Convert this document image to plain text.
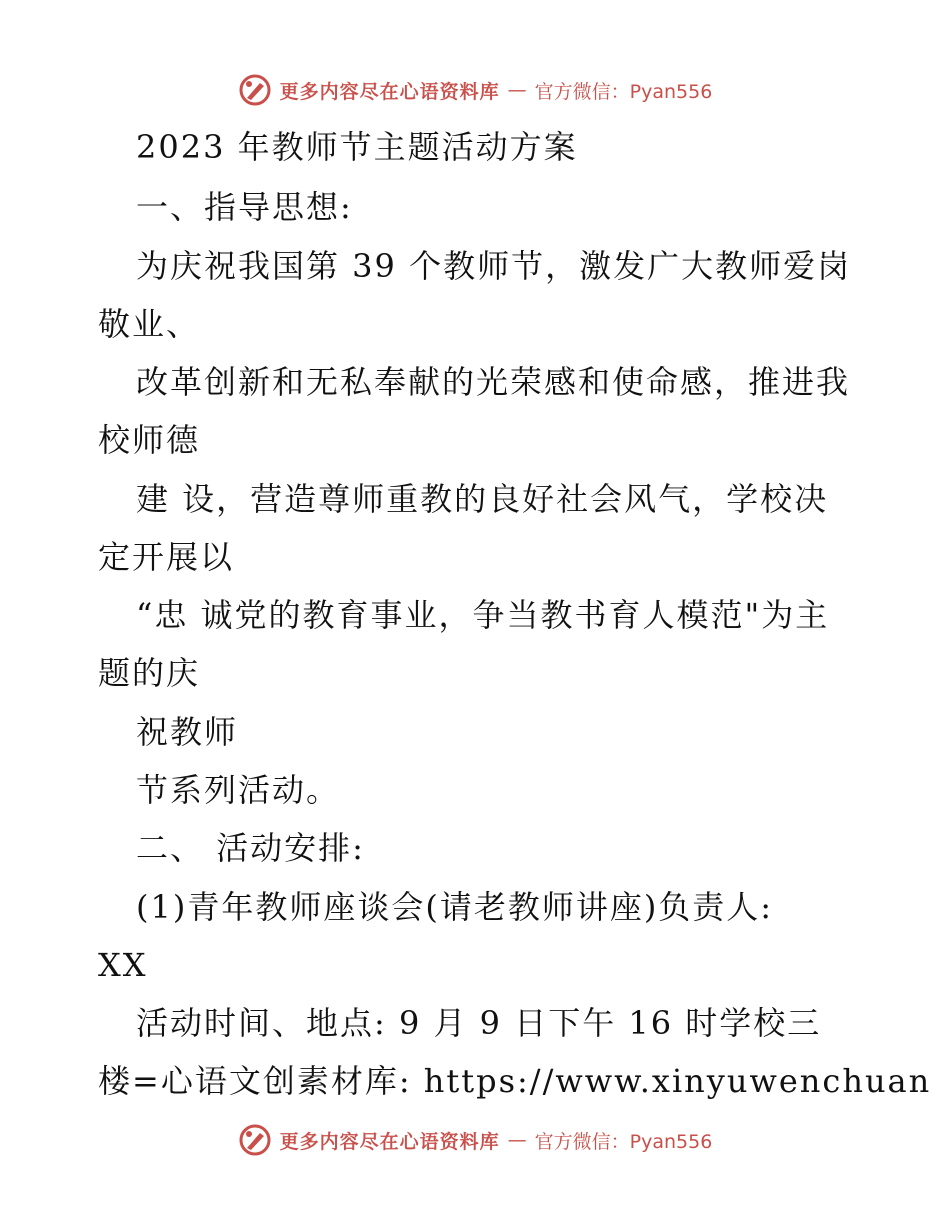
更多内容尽在心语资料库 — 官方微信：Pyan556
2023 年教师节主题活动方案
一、指导思想:
为庆祝我国第 39 个教师节，激发广大教师爱岗
敬业、
改革创新和无私奉献的光荣感和使命感，推进我
校师德
建 设，营造尊师重教的良好社会风气，学校决
定开展以
“忠 诚党的教育事业，争当教书育人模范"为主
题的庆
祝教师
节系列活动。
二、 活动安排:
(1)青年教师座谈会(请老教师讲座)负责人:
XX
活动时间、地点: 9 月 9 日下午 16 时学校三
楼=心语文创素材库: https://www.xinyuwenchuan
更多内容尽在心语资料库 — 官方微信：Pyan556
